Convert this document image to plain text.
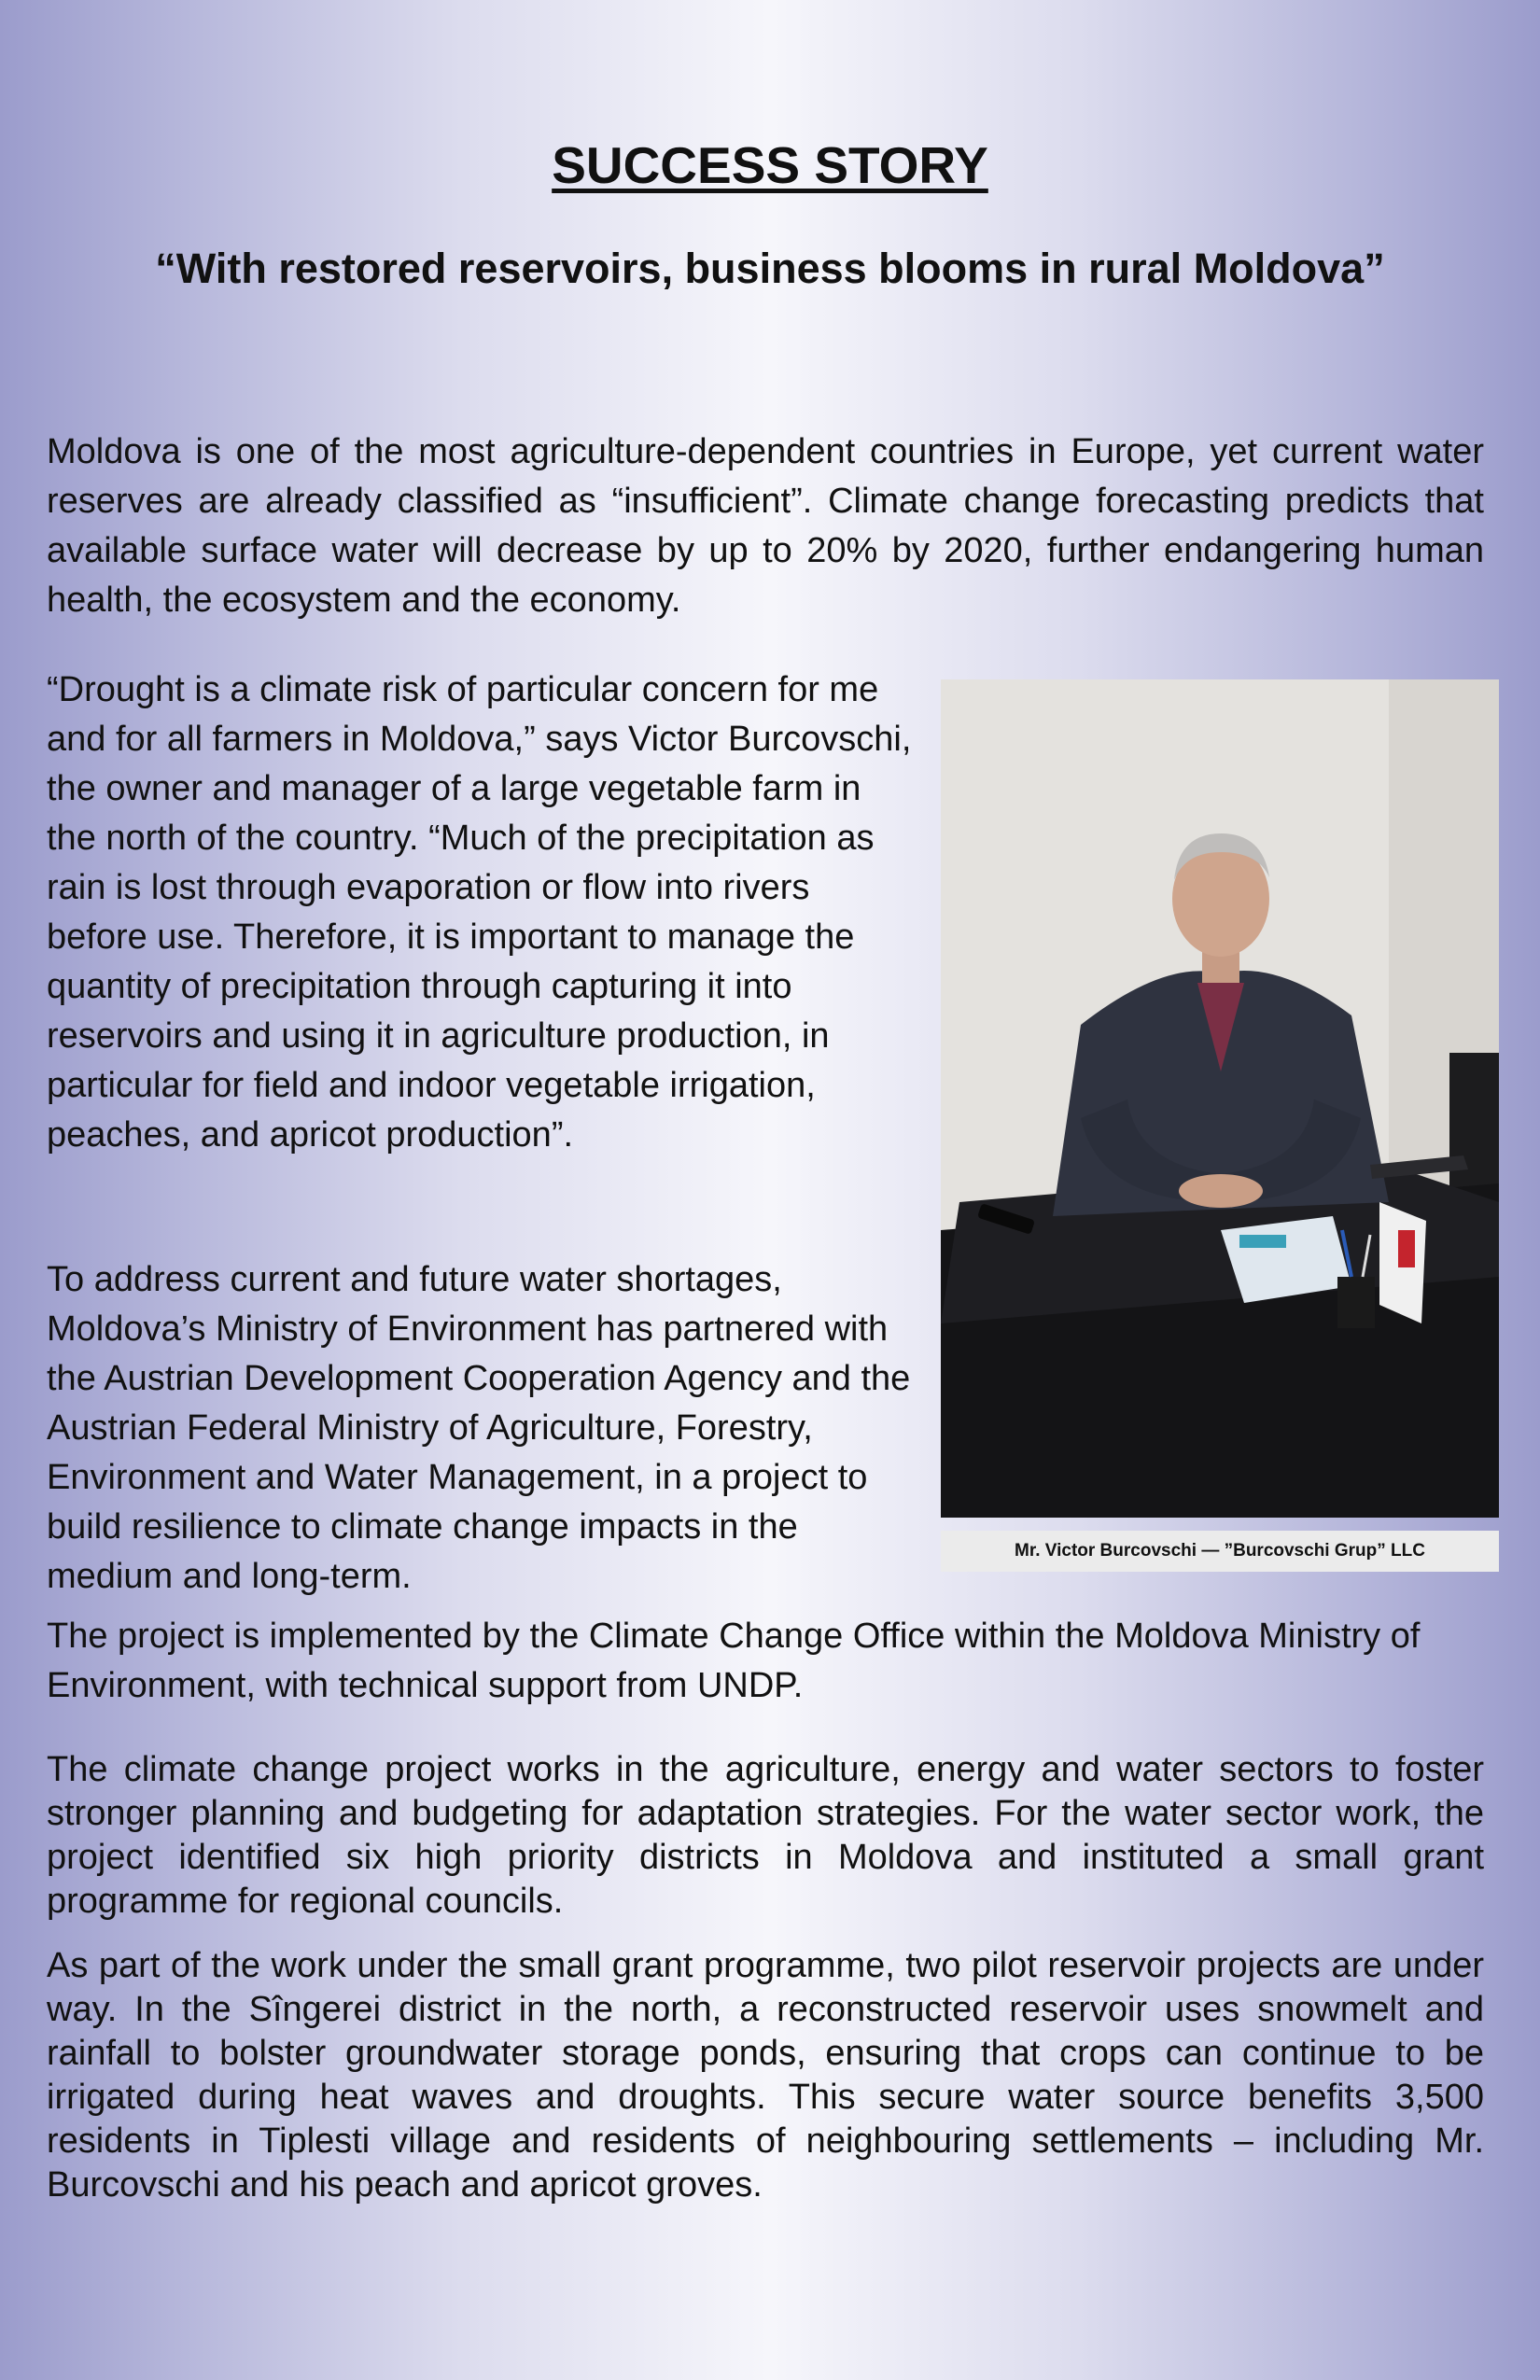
SUCCESS STORY
“With restored reservoirs, business blooms in rural Moldova”

Moldova is one of the most agriculture-dependent countries in Europe, yet current water reserves are already classified as “insufficient”. Climate change forecasting predicts that available surface water will decrease by up to 20% by 2020, further endangering human health, the ecosystem and the economy.

“Drought is a climate risk of particular concern for me and for all farmers in Moldova,” says Victor Burcovschi, the owner and manager of a large vegetable farm in the north of the country. “Much of the precipitation as rain is lost through evaporation or flow into rivers before use. Therefore, it is important to manage the quantity of precipitation through capturing it into reservoirs and using it in agriculture production, in particular for field and indoor vegetable irrigation, peaches, and apricot production”.

Mr. Victor Burcovschi — ”Burcovschi Grup” LLC

To address current and future water shortages, Moldova’s Ministry of Environment has partnered with the Austrian Development Cooperation Agency and the Austrian Federal Ministry of Agriculture, Forestry, Environment and Water Management, in a project to build resilience to climate change impacts in the medium and long-term.

The project is implemented by the Climate Change Office within the Moldova Ministry of Environment, with technical support from UNDP.

The climate change project works in the agriculture, energy and water sectors to foster stronger planning and budgeting for adaptation strategies. For the water sector work, the project identified six high priority districts in Moldova and instituted a small grant programme for regional councils.

As part of the work under the small grant programme, two pilot reservoir projects are under way. In the Sîngerei district in the north, a reconstructed reservoir uses snowmelt and rainfall to bolster groundwater storage ponds, ensuring that crops can continue to be irrigated during heat waves and droughts. This secure water source benefits 3,500 residents in Tiplesti village and residents of neighbouring settlements – including Mr. Burcovschi and his peach and apricot groves.
